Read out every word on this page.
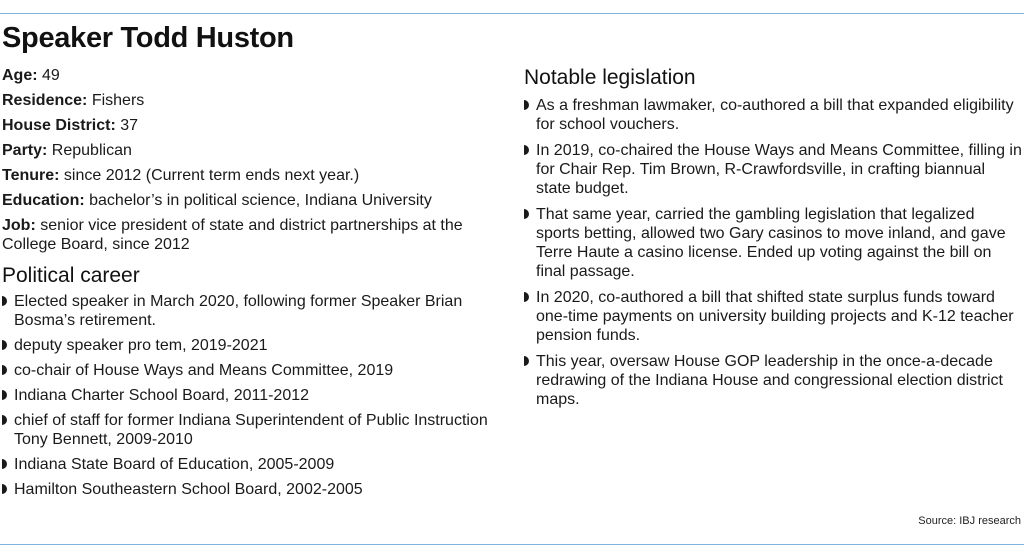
Speaker Todd Huston
Age: 49
Residence: Fishers
House District: 37
Party: Republican
Tenure: since 2012 (Current term ends next year.)
Education: bachelor’s in political science, Indiana University
Job: senior vice president of state and district partnerships at the College Board, since 2012
Political career
Elected speaker in March 2020, following former Speaker Brian Bosma’s retirement.
deputy speaker pro tem, 2019-2021
co-chair of House Ways and Means Committee, 2019
Indiana Charter School Board, 2011-2012
chief of staff for former Indiana Superintendent of Public Instruction Tony Bennett, 2009-2010
Indiana State Board of Education, 2005-2009
Hamilton Southeastern School Board, 2002-2005
Notable legislation
As a freshman lawmaker, co-authored a bill that expanded eligibility for school vouchers.
In 2019, co-chaired the House Ways and Means Committee, filling in for Chair Rep. Tim Brown, R-Crawfordsville, in crafting biannual state budget.
That same year, carried the gambling legislation that legalized sports betting, allowed two Gary casinos to move inland, and gave Terre Haute a casino license. Ended up voting against the bill on final passage.
In 2020, co-authored a bill that shifted state surplus funds toward one-time payments on university building projects and K-12 teacher pension funds.
This year, oversaw House GOP leadership in the once-a-decade redrawing of the Indiana House and congressional election district maps.
Source: IBJ research
